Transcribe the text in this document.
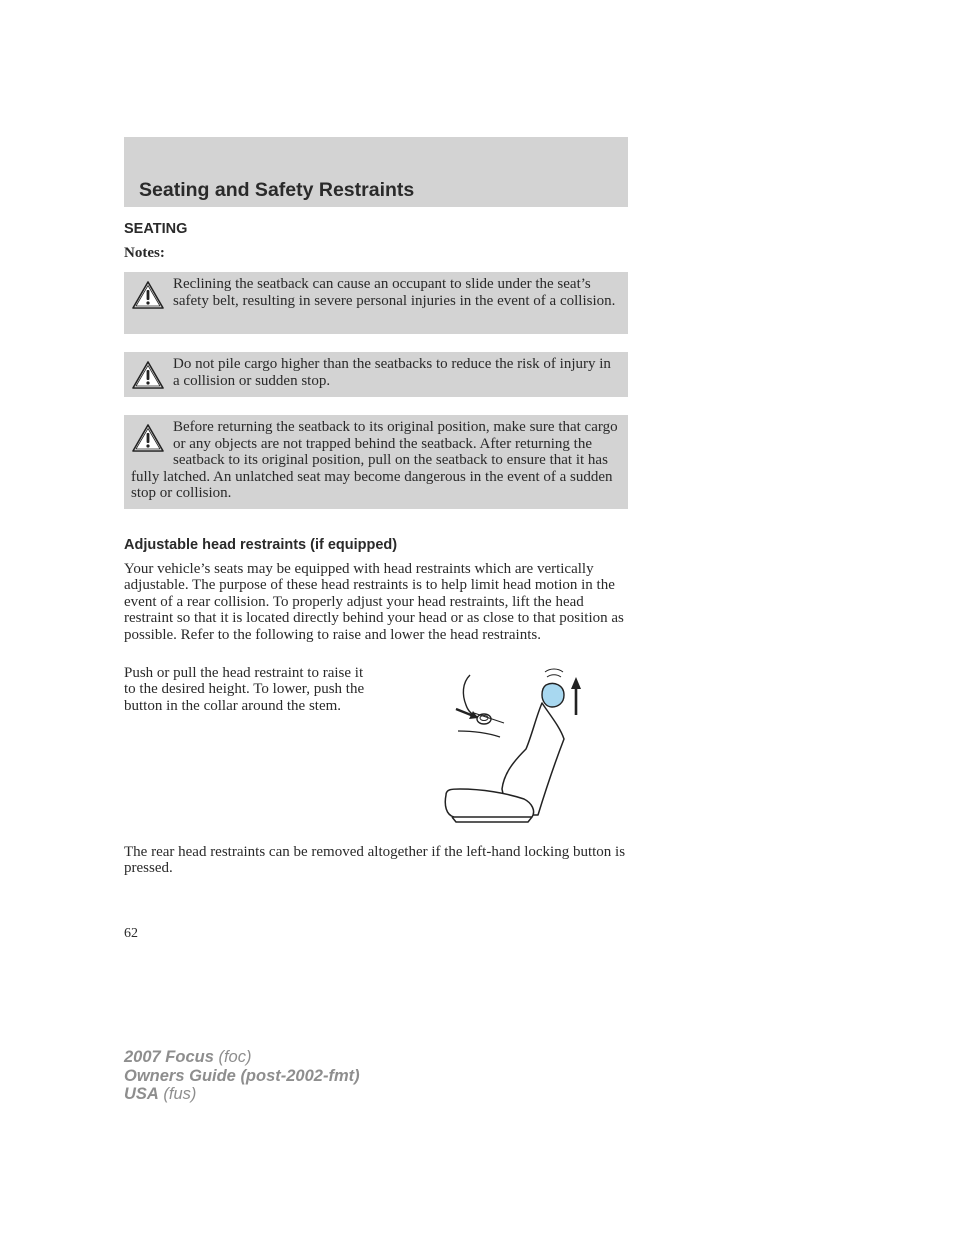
Seating and Safety Restraints
SEATING

Notes:

Reclining the seatback can cause an occupant to slide under the seat’s safety belt, resulting in severe personal injuries in the event of a collision.
Do not pile cargo higher than the seatbacks to reduce the risk of injury in a collision or sudden stop.
Before returning the seatback to its original position, make sure that cargo or any objects are not trapped behind the seatback. After returning the seatback to its original position, pull on the seatback to ensure that it has fully latched. An unlatched seat may become dangerous in the event of a sudden stop or collision.
Adjustable head restraints (if equipped)

Your vehicle’s seats may be equipped with head restraints which are vertically adjustable. The purpose of these head restraints is to help limit head motion in the event of a rear collision. To properly adjust your head restraints, lift the head restraint so that it is located directly behind your head or as close to that position as possible. Refer to the following to raise and lower the head restraints.

Push or pull the head restraint to raise it to the desired height. To lower, push the button in the collar around the stem.

The rear head restraints can be removed altogether if the left-hand locking button is pressed.

62

2007 Focus (foc)
Owners Guide (post-2002-fmt)
USA (fus)
